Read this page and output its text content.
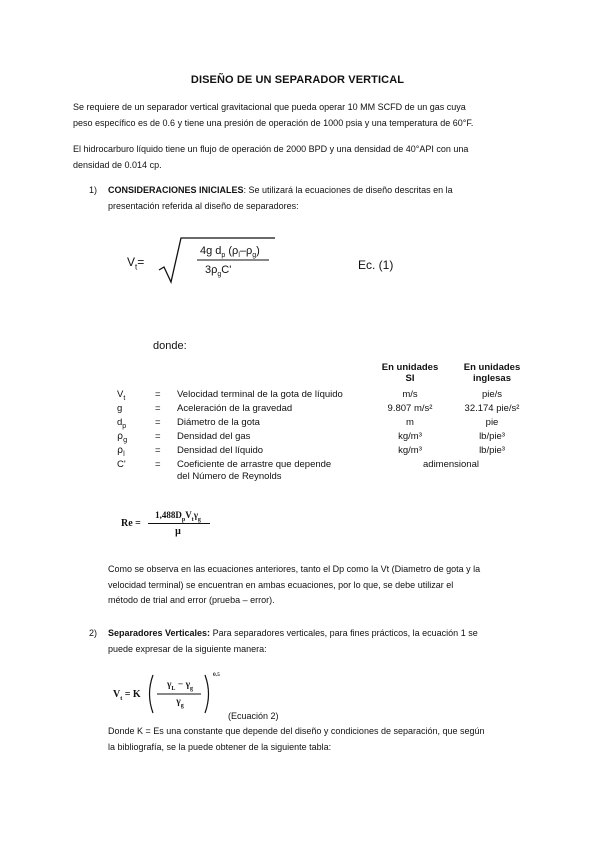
DISEÑO DE UN SEPARADOR VERTICAL
Se requiere de un separador vertical gravitacional que pueda operar 10 MM SCFD de un gas cuya
peso específico es de 0.6 y tiene una presión de operación de 1000 psia y una temperatura de 60°F.
El hidrocarburo líquido tiene un flujo de operación de 2000 BPD y una densidad de 40°API con una
densidad de 0.014 cp.
1) CONSIDERACIONES INICIALES: Se utilizará la ecuaciones de diseño descritas en la
presentación referida al diseño de separadores:
$V_t=$
4g $d_p$ $(\rho_l-\rho_g)$
$3\rho_gC'$	Ec. (1)
donde:
En unidades
SI
En unidades
inglesas
$V_t$	= Velocidad terminal de la gota de líquido	m/s	pie/s
g	= Aceleración de la gravedad	9.807 m/s²	32.174 pie/s²
$d_p$	= Diámetro de la gota	m	pie
$\rho_g$	= Densidad del gas	kg/m³	lb/pie³
$\rho_l$	= Densidad del líquido	kg/m³	lb/pie³
C'	= Coeficiente de arrastre que depende
del Número de Reynolds
adimensional
Re =
$1,488D_pV_t\gamma_g$
μ
Como se observa en las ecuaciones anteriores, tanto el Dp como la Vt (Diametro de gota y la
velocidad terminal) se encuentran en ambas ecuaciones, por lo que, se debe utilizar el
método de trial and error (prueba – error).
2) Separadores Verticales: Para separadores verticales, para fines prácticos, la ecuación 1 se
puede expresar de la siguiente manera:
$V_t = K$
$\gamma_L - \gamma_g$
$\gamma_g$
0.5
(Ecuación 2)
Donde K = Es una constante que depende del diseño y condiciones de separación, que según
la bibliografía, se la puede obtener de la siguiente tabla:
